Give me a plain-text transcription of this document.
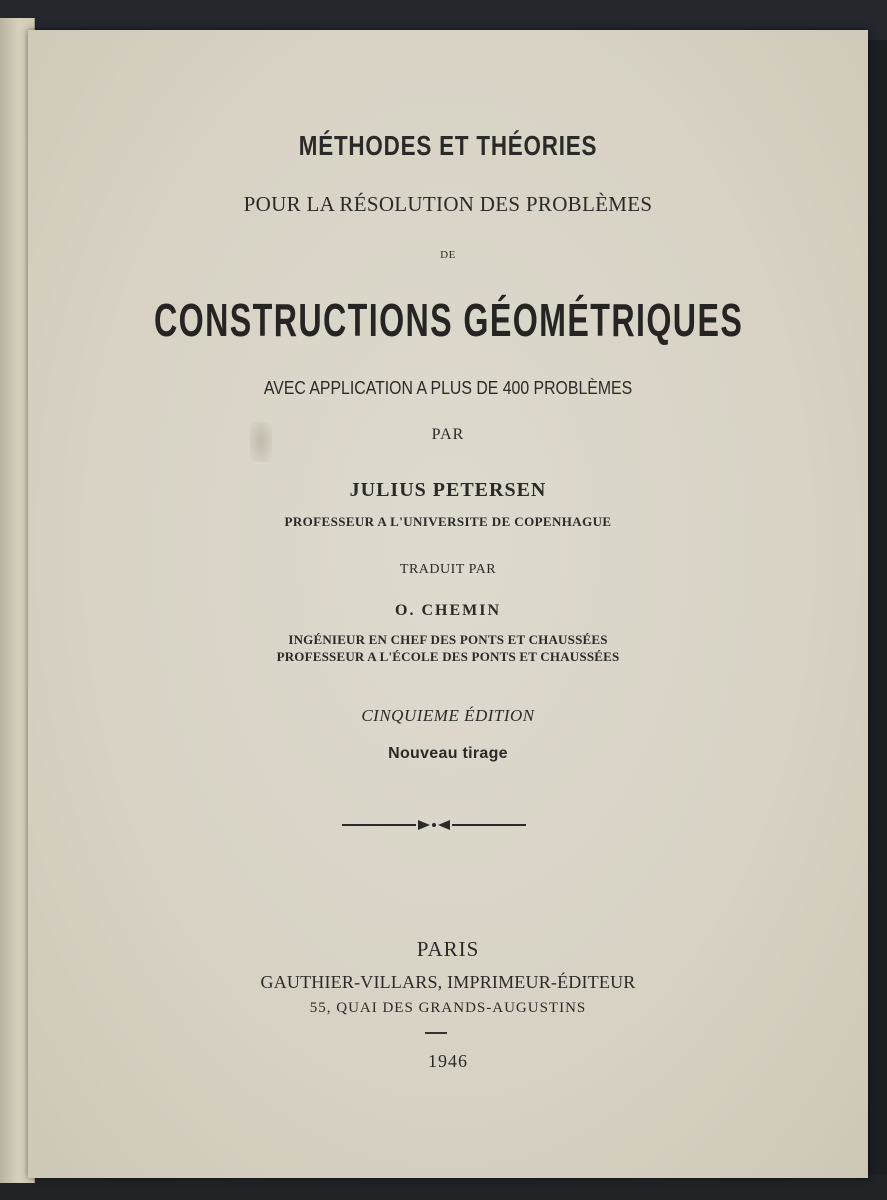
MÉTHODES ET THÉORIES
POUR LA RÉSOLUTION DES PROBLÈMES
DE
CONSTRUCTIONS GÉOMÉTRIQUES
AVEC APPLICATION A PLUS DE 400 PROBLÈMES
PAR
JULIUS PETERSEN
PROFESSEUR A L'UNIVERSITE DE COPENHAGUE
TRADUIT PAR
O. CHEMIN
INGÉNIEUR EN CHEF DES PONTS ET CHAUSSÉES
PROFESSEUR A L'ÉCOLE DES PONTS ET CHAUSSÉES
CINQUIEME ÉDITION
Nouveau tirage
PARIS
GAUTHIER-VILLARS, IMPRIMEUR-ÉDITEUR
55, QUAI DES GRANDS-AUGUSTINS
1946
